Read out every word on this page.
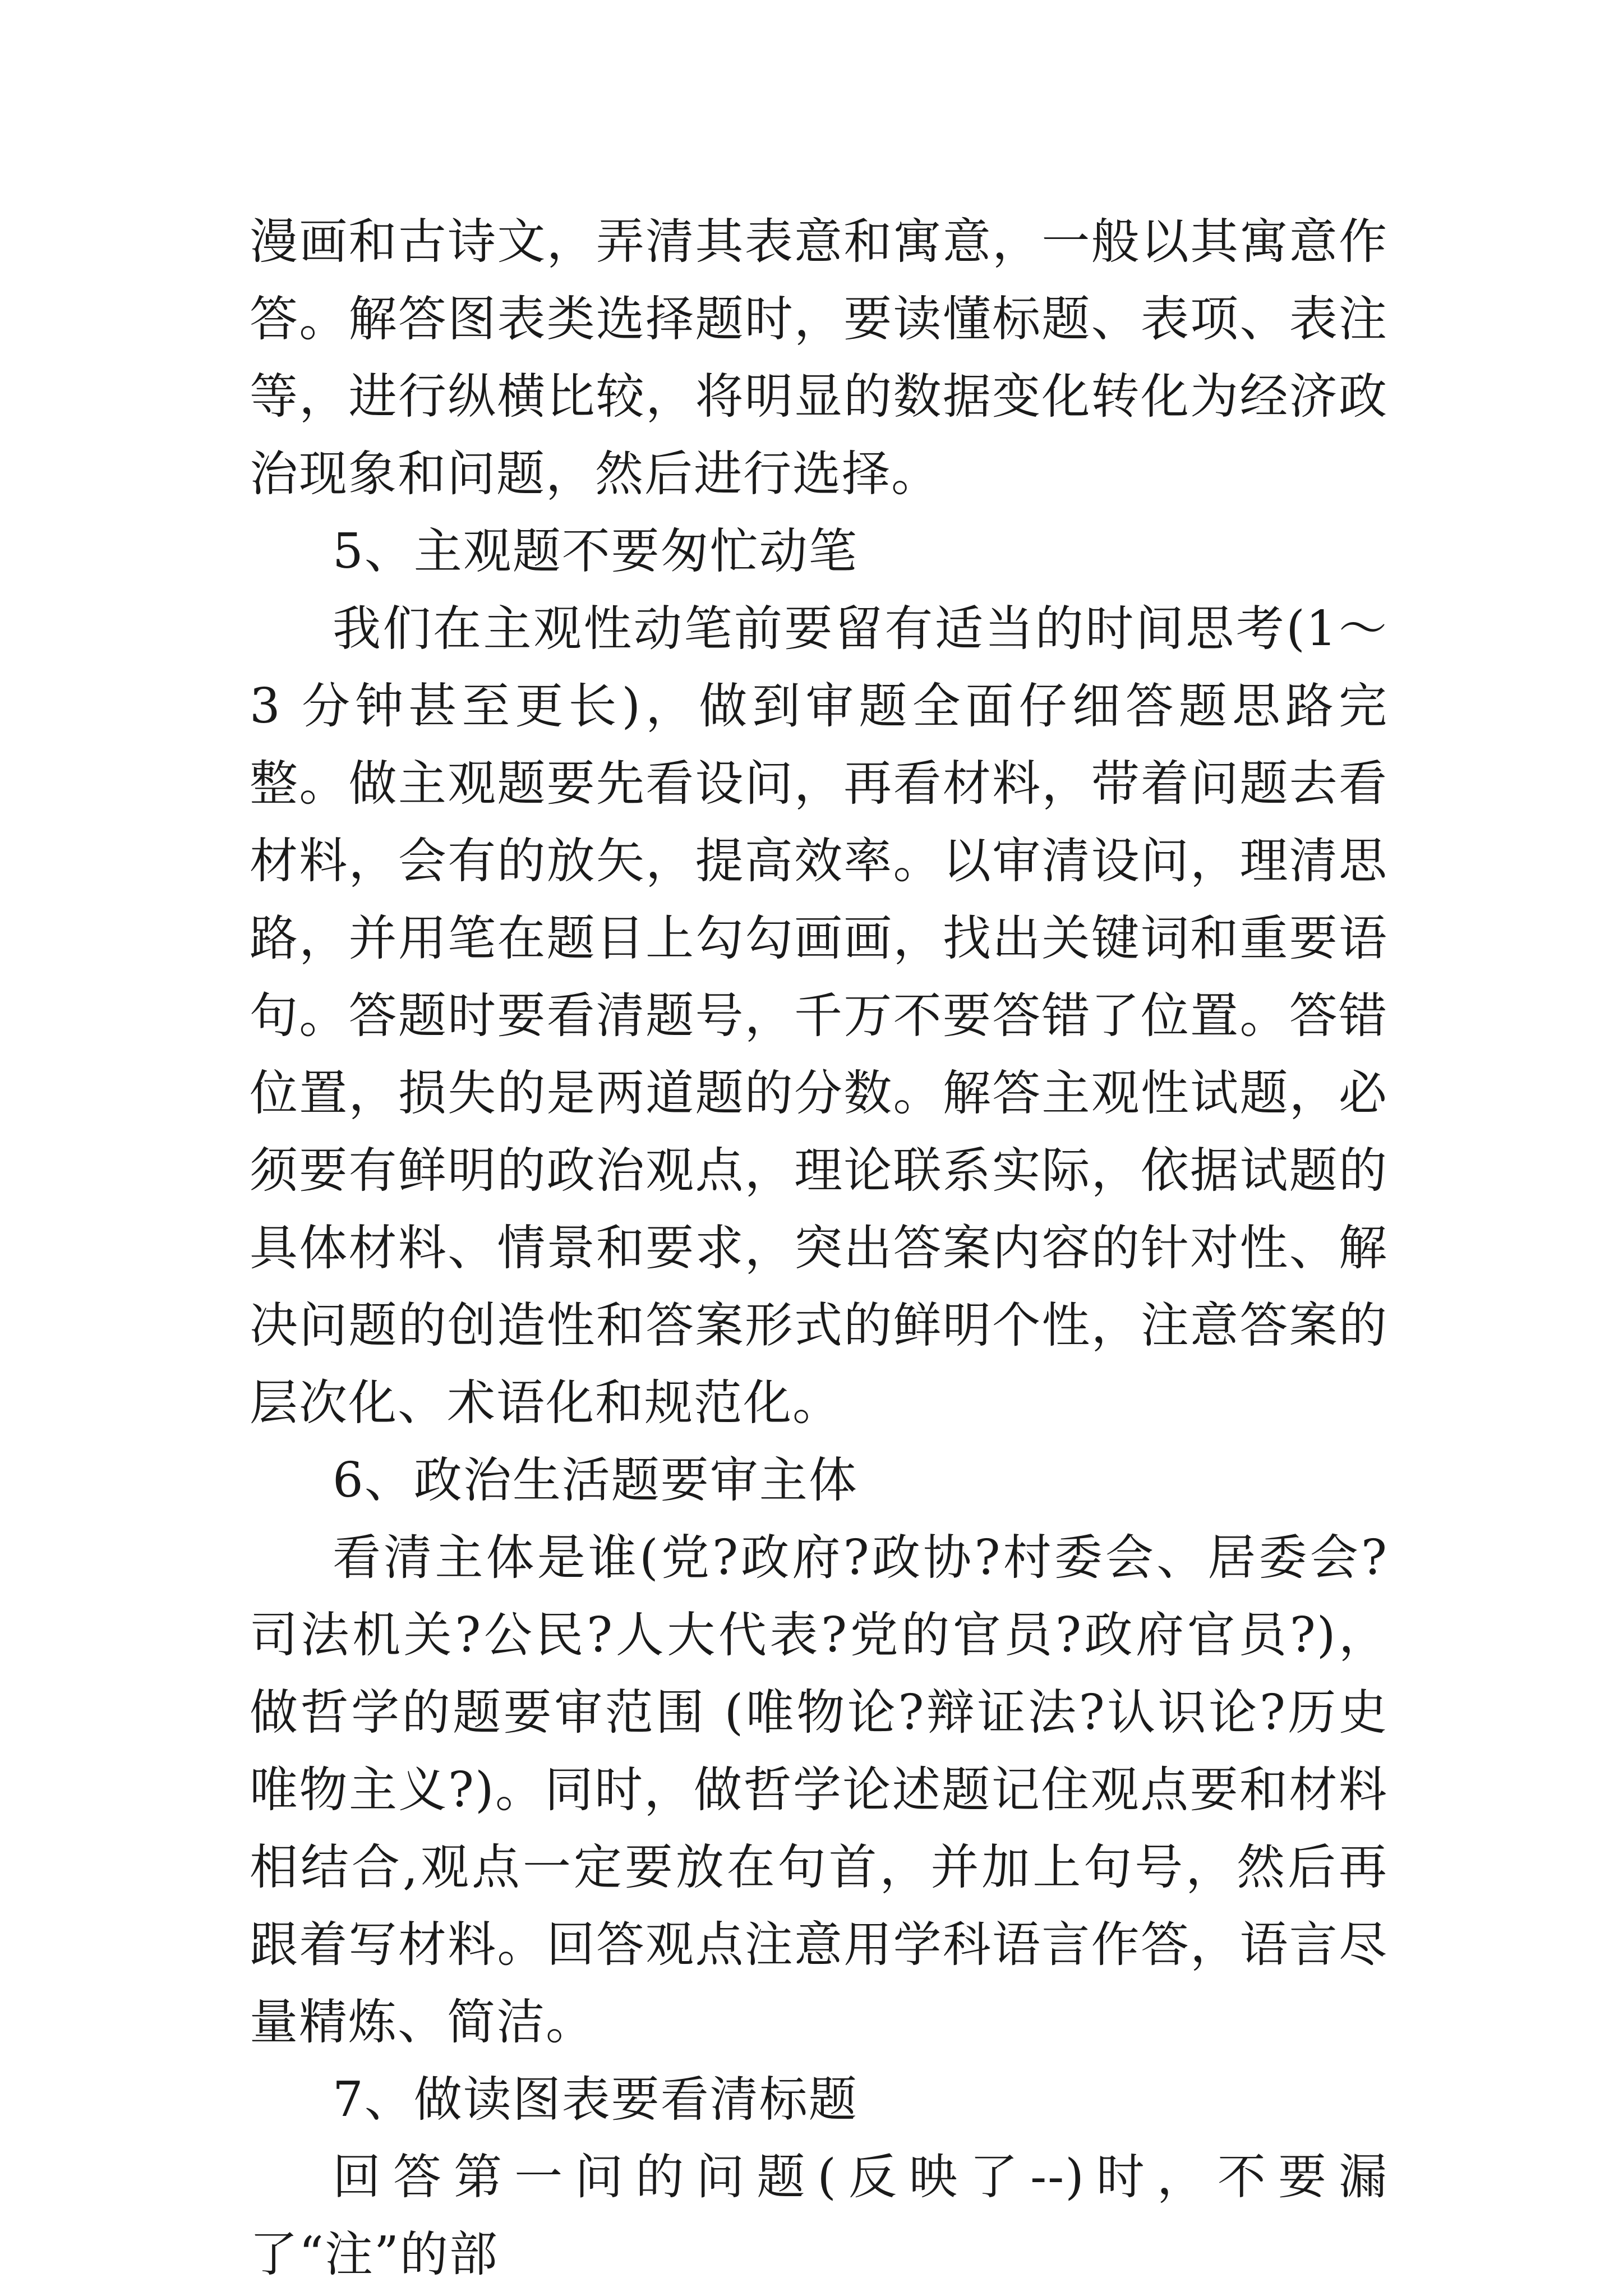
漫画和古诗文，弄清其表意和寓意，一般以其寓意作答。解答图表类选择题时，要读懂标题、表项、表注等，进行纵横比较，将明显的数据变化转化为经济政治现象和问题，然后进行选择。

5、主观题不要匆忙动笔

我们在主观性动笔前要留有适当的时间思考(1～3 分钟甚至更长)，做到审题全面仔细答题思路完整。做主观题要先看设问，再看材料，带着问题去看材料，会有的放矢，提高效率。以审清设问，理清思路，并用笔在题目上勾勾画画，找出关键词和重要语句。答题时要看清题号，千万不要答错了位置。答错位置，损失的是两道题的分数。解答主观性试题，必须要有鲜明的政治观点，理论联系实际，依据试题的具体材料、情景和要求，突出答案内容的针对性、解决问题的创造性和答案形式的鲜明个性，注意答案的层次化、术语化和规范化。

6、政治生活题要审主体

看清主体是谁(党?政府?政协?村委会、居委会?司法机关?公民?人大代表?党的官员?政府官员?)，做哲学的题要审范围 (唯物论?辩证法?认识论?历史唯物主义?)。同时，做哲学论述题记住观点要和材料相结合,观点一定要放在句首，并加上句号，然后再跟着写材料。回答观点注意用学科语言作答，语言尽量精炼、简洁。

7、做读图表要看清标题

回答第一问的问题(反映了--)时，不要漏了“注”的部
